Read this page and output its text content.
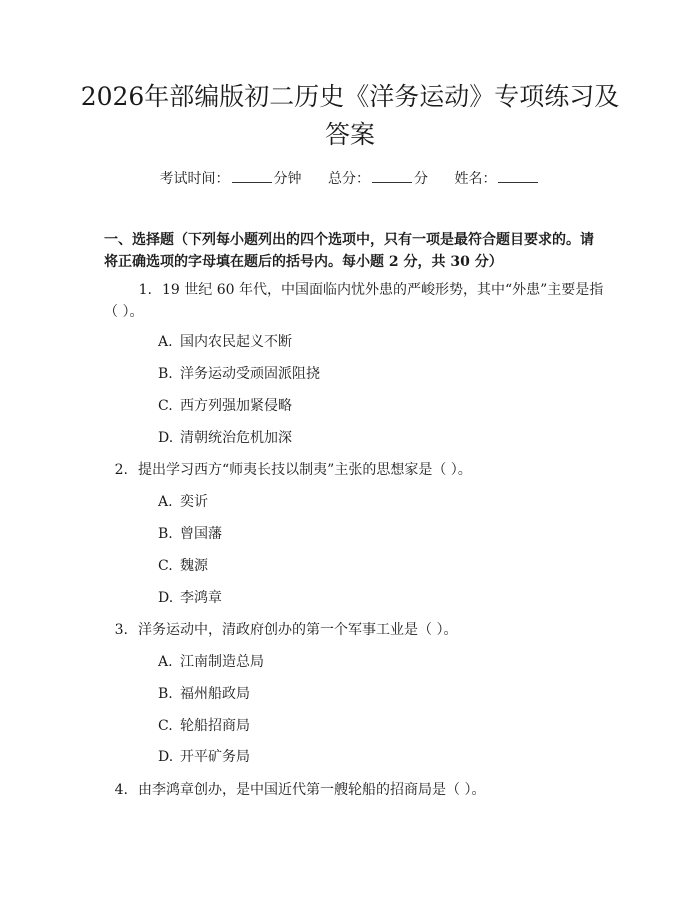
2026年部编版初二历史《洋务运动》专项练习及答案
考试时间：	分钟 总分：	分 姓名：

一、选择题（下列每小题列出的四个选项中，只有一项是最符合题目要求的。请将正确选项的字母填在题后的括号内。每小题 2 分，共 30 分）

1. 19 世纪 60 年代，中国面临内忧外患的严峻形势，其中“外患”主要是指（ ）。
A. 国内农民起义不断
B. 洋务运动受顽固派阻挠
C. 西方列强加紧侵略
D. 清朝统治危机加深
2. 提出学习西方“师夷长技以制夷”主张的思想家是（ ）。
A. 奕䜣
B. 曾国藩
C. 魏源
D. 李鸿章
3. 洋务运动中，清政府创办的第一个军事工业是（ ）。
A. 江南制造总局
B. 福州船政局
C. 轮船招商局
D. 开平矿务局
4. 由李鸿章创办，是中国近代第一艘轮船的招商局是（ ）。
